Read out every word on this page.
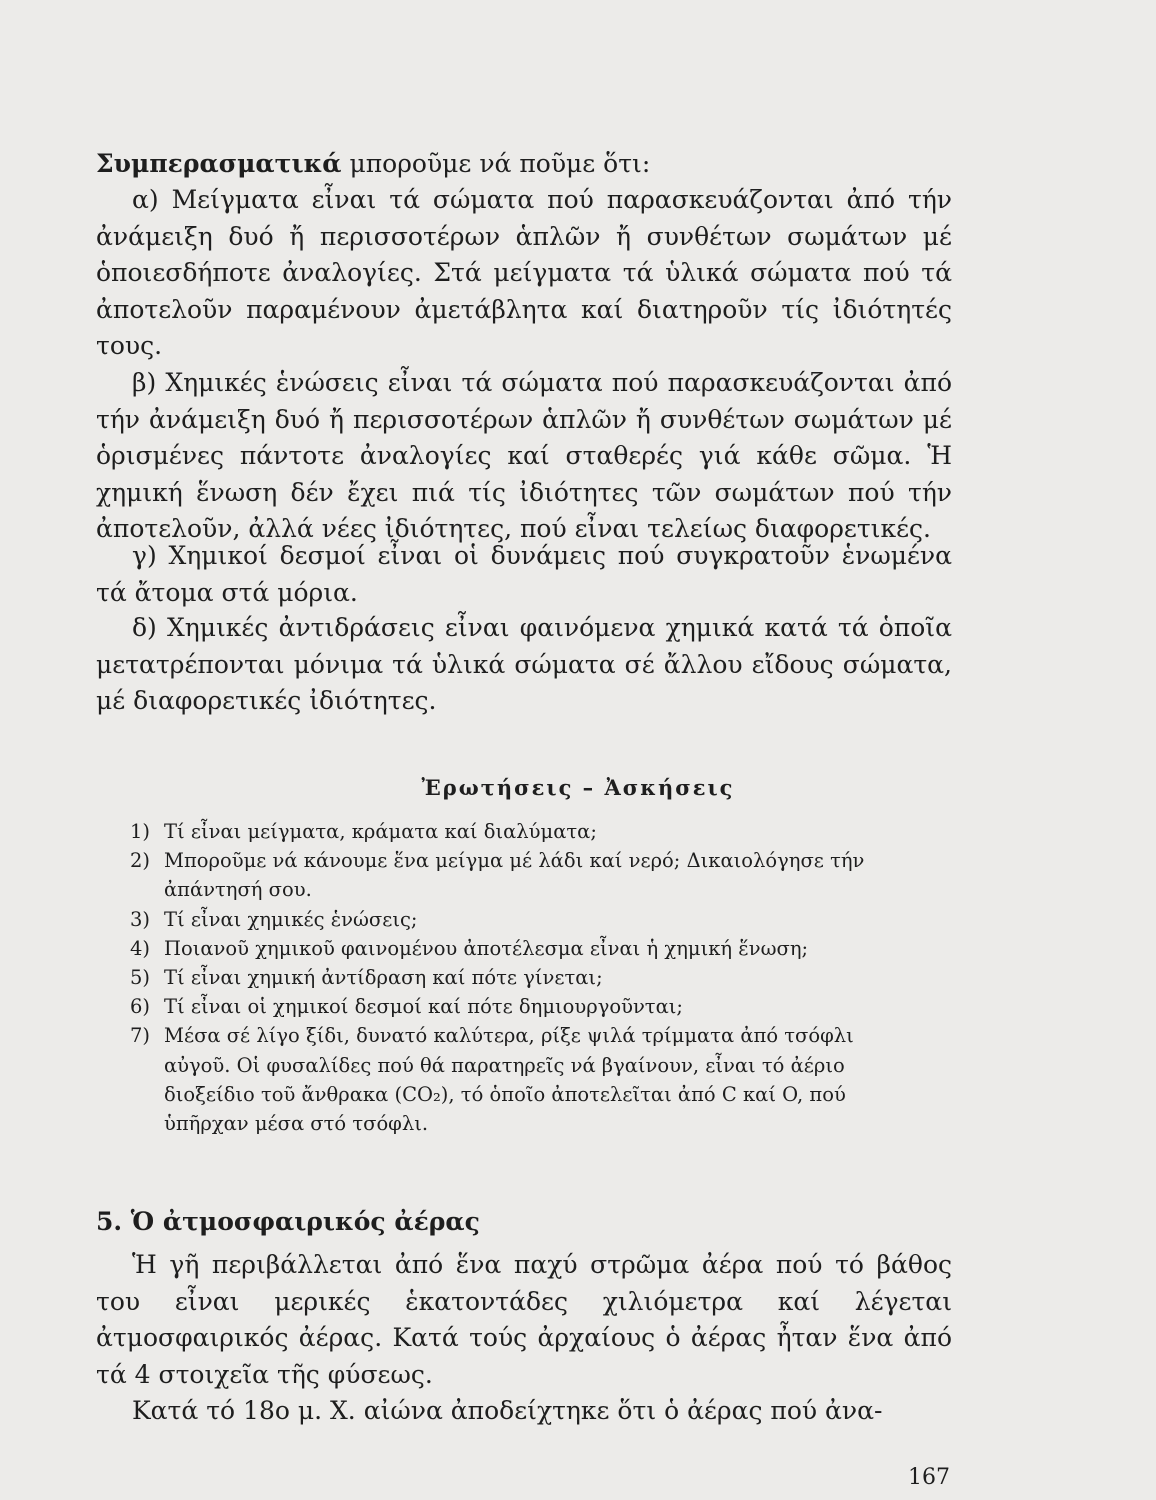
Συμπερασματικά μποροῦμε νά ποῦμε ὅτι:

α) Μείγματα εἶναι τά σώματα πού παρασκευάζονται ἀπό τήν ἀνάμειξη δυό ἤ περισσοτέρων ἁπλῶν ἤ συνθέτων σωμάτων μέ ὁποιεσδήποτε ἀναλογίες. Στά μείγματα τά ὑλικά σώματα πού τά ἀποτελοῦν παραμένουν ἀμετάβλητα καί διατηροῦν τίς ἰδιότητές τους.

β) Χημικές ἑνώσεις εἶναι τά σώματα πού παρασκευάζονται ἀπό τήν ἀνάμειξη δυό ἤ περισσοτέρων ἁπλῶν ἤ συνθέτων σωμάτων μέ ὁρισμένες πάντοτε ἀναλογίες καί σταθερές γιά κάθε σῶμα. Ἡ χημική ἕνωση δέν ἔχει πιά τίς ἰδιότητες τῶν σωμάτων πού τήν ἀποτελοῦν, ἀλλά νέες ἰδιότητες, πού εἶναι τελείως διαφορετικές.

γ) Χημικοί δεσμοί εἶναι οἱ δυνάμεις πού συγκρατοῦν ἑνωμένα τά ἄτομα στά μόρια.

δ) Χημικές ἀντιδράσεις εἶναι φαινόμενα χημικά κατά τά ὁποῖα μετατρέπονται μόνιμα τά ὑλικά σώματα σέ ἄλλου εἴδους σώματα, μέ διαφορετικές ἰδιότητες.

Ἐρωτήσεις – Ἀσκήσεις
1) Τί εἶναι μείγματα, κράματα καί διαλύματα;
2) Μποροῦμε νά κάνουμε ἕνα μείγμα μέ λάδι καί νερό; Δικαιολόγησε τήν ἀπάντησή σου.
3) Τί εἶναι χημικές ἑνώσεις;
4) Ποιανοῦ χημικοῦ φαινομένου ἀποτέλεσμα εἶναι ἡ χημική ἕνωση;
5) Τί εἶναι χημική ἀντίδραση καί πότε γίνεται;
6) Τί εἶναι οἱ χημικοί δεσμοί καί πότε δημιουργοῦνται;
7) Μέσα σέ λίγο ξίδι, δυνατό καλύτερα, ρίξε ψιλά τρίμματα ἀπό τσόφλι αὐγοῦ. Οἱ φυσαλίδες πού θά παρατηρεῖς νά βγαίνουν, εἶναι τό ἀέριο διοξείδιο τοῦ ἄνθρακα (CO₂), τό ὁποῖο ἀποτελεῖται ἀπό C καί O, πού ὑπῆρχαν μέσα στό τσόφλι.
5. Ὁ ἀτμοσφαιρικός ἀέρας

Ἡ γῆ περιβάλλεται ἀπό ἕνα παχύ στρῶμα ἀέρα πού τό βάθος του εἶναι μερικές ἑκατοντάδες χιλιόμετρα καί λέγεται ἀτμοσφαιρικός ἀέρας. Κατά τούς ἀρχαίους ὁ ἀέρας ἦταν ἕνα ἀπό τά 4 στοιχεῖα τῆς φύσεως.

Κατά τό 18ο μ. Χ. αἰώνα ἀποδείχτηκε ὅτι ὁ ἀέρας πού ἀνα-

167
